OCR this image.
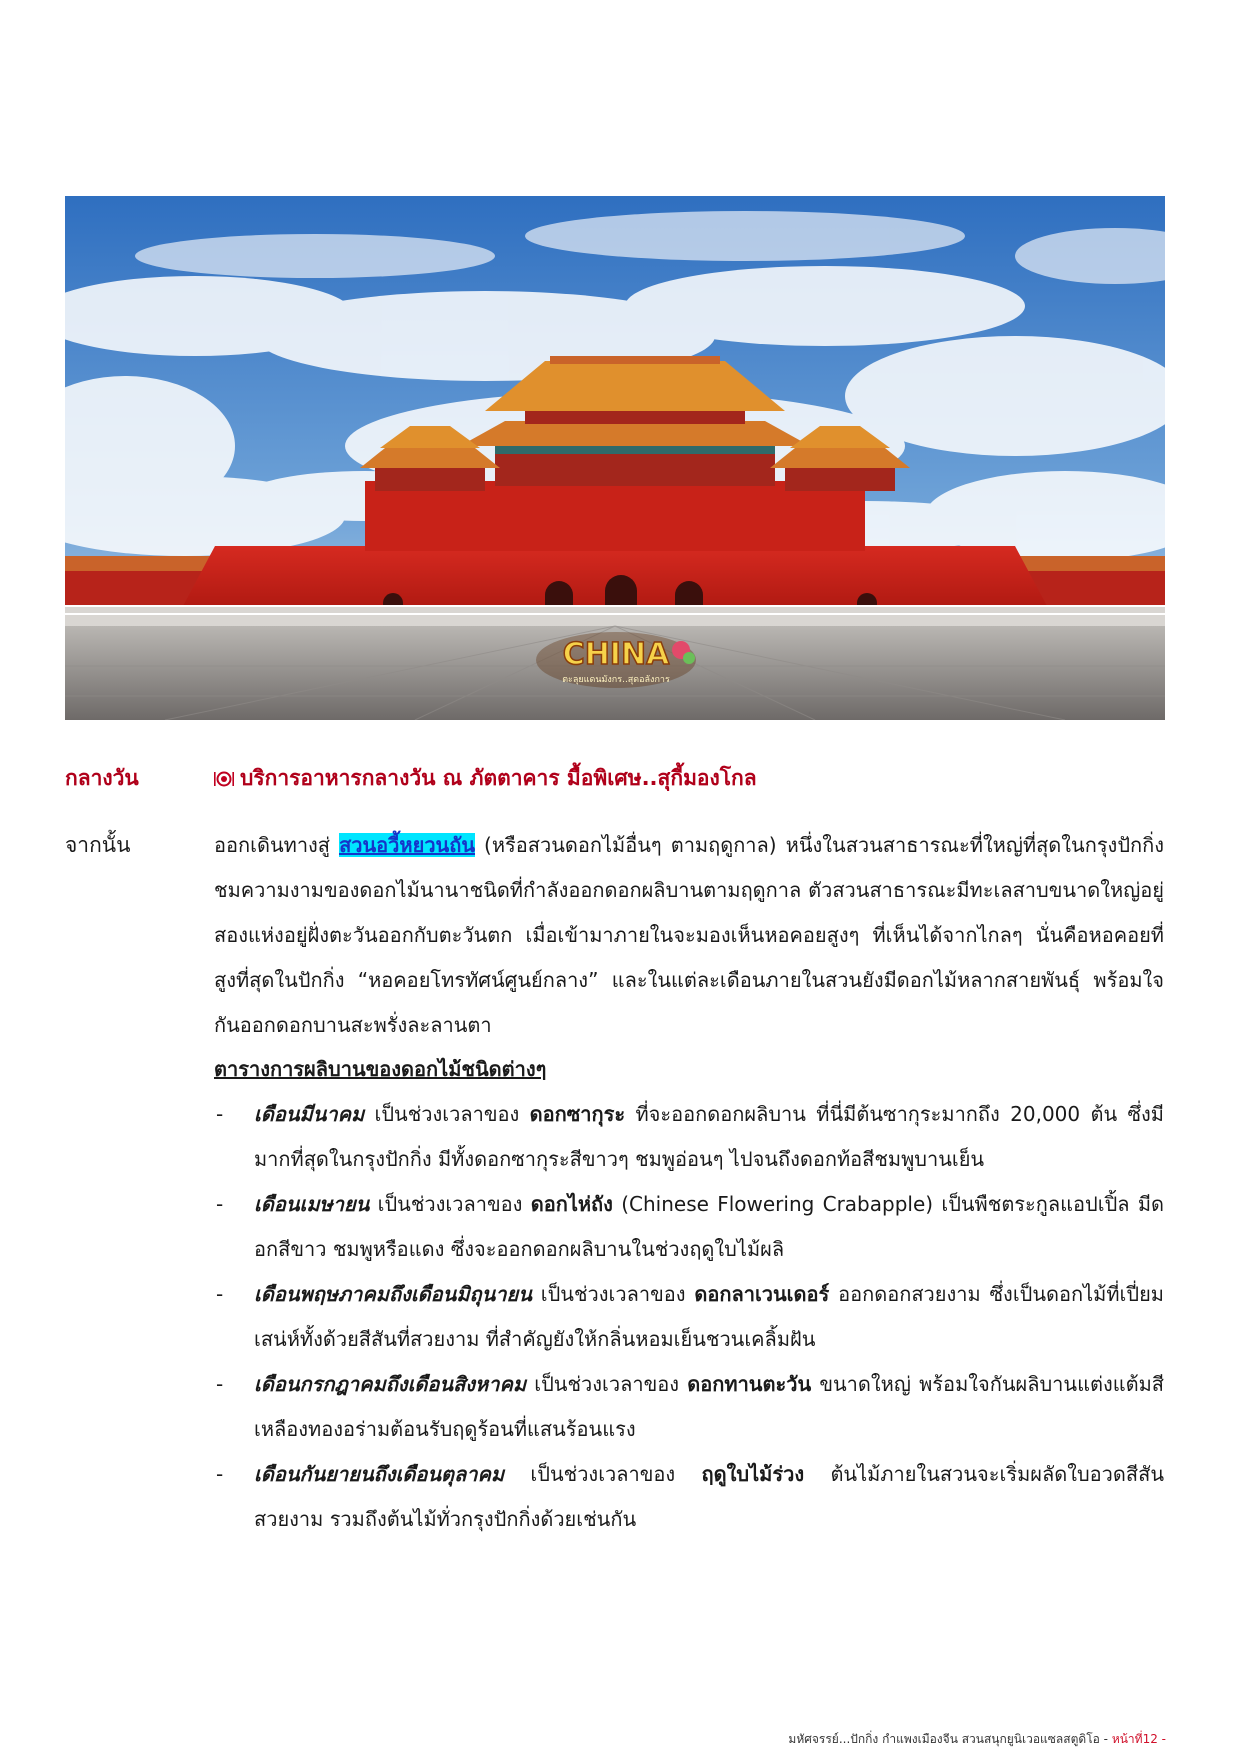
CHINA
ตะลุยแดนมังกร..สุดอลังการ
กลางวัน	บริการอาหารกลางวัน ณ ภัตตาคาร มื้อพิเศษ..สุกี้มองโกล
จากนั้น	ออกเดินทางสู่ สวนอวี้หยวนถัน (หรือสวนดอกไม้อื่นๆ ตามฤดูกาล) หนึ่งในสวนสาธารณะที่ใหญ่ที่สุดในกรุงปักกิ่ง ชมความงามของดอกไม้นานาชนิดที่กำลังออกดอกผลิบานตามฤดูกาล ตัวสวนสาธารณะมีทะเลสาบขนาดใหญ่อยู่สองแห่งอยู่ฝั่งตะวันออกกับตะวันตก เมื่อเข้ามาภายในจะมองเห็นหอคอยสูงๆ ที่เห็นได้จากไกลๆ นั่นคือหอคอยที่สูงที่สุดในปักกิ่ง “หอคอยโทรทัศน์ศูนย์กลาง” และในแต่ละเดือนภายในสวนยังมีดอกไม้หลากสายพันธุ์ พร้อมใจกันออกดอกบานสะพรั่งละลานตา

ตารางการผลิบานของดอกไม้ชนิดต่างๆ
- เดือนมีนาคม เป็นช่วงเวลาของ ดอกซากุระ ที่จะออกดอกผลิบาน ที่นี่มีต้นซากุระมากถึง 20,000 ต้น ซึ่งมีมากที่สุดในกรุงปักกิ่ง มีทั้งดอกซากุระสีขาวๆ ชมพูอ่อนๆ ไปจนถึงดอกท้อสีชมพูบานเย็น
- เดือนเมษายน เป็นช่วงเวลาของ ดอกไห่ถัง (Chinese Flowering Crabapple) เป็นพืชตระกูลแอปเปิ้ล มีดอกสีขาว ชมพูหรือแดง ซึ่งจะออกดอกผลิบานในช่วงฤดูใบไม้ผลิ
- เดือนพฤษภาคมถึงเดือนมิถุนายน เป็นช่วงเวลาของ ดอกลาเวนเดอร์ ออกดอกสวยงาม ซึ่งเป็นดอกไม้ที่เปี่ยมเสน่ห์ทั้งด้วยสีสันที่สวยงาม ที่สำคัญยังให้กลิ่นหอมเย็นชวนเคลิ้มฝัน
- เดือนกรกฎาคมถึงเดือนสิงหาคม เป็นช่วงเวลาของ ดอกทานตะวัน ขนาดใหญ่ พร้อมใจกันผลิบานแต่งแต้มสีเหลืองทองอร่ามต้อนรับฤดูร้อนที่แสนร้อนแรง
- เดือนกันยายนถึงเดือนตุลาคม เป็นช่วงเวลาของ ฤดูใบไม้ร่วง ต้นไม้ภายในสวนจะเริ่มผลัดใบอวดสีสันสวยงาม รวมถึงต้นไม้ทั่วกรุงปักกิ่งด้วยเช่นกัน
มหัศจรรย์...ปักกิ่ง กำแพงเมืองจีน สวนสนุกยูนิเวอแซลสตูดิโอ - หน้าที่12 -
